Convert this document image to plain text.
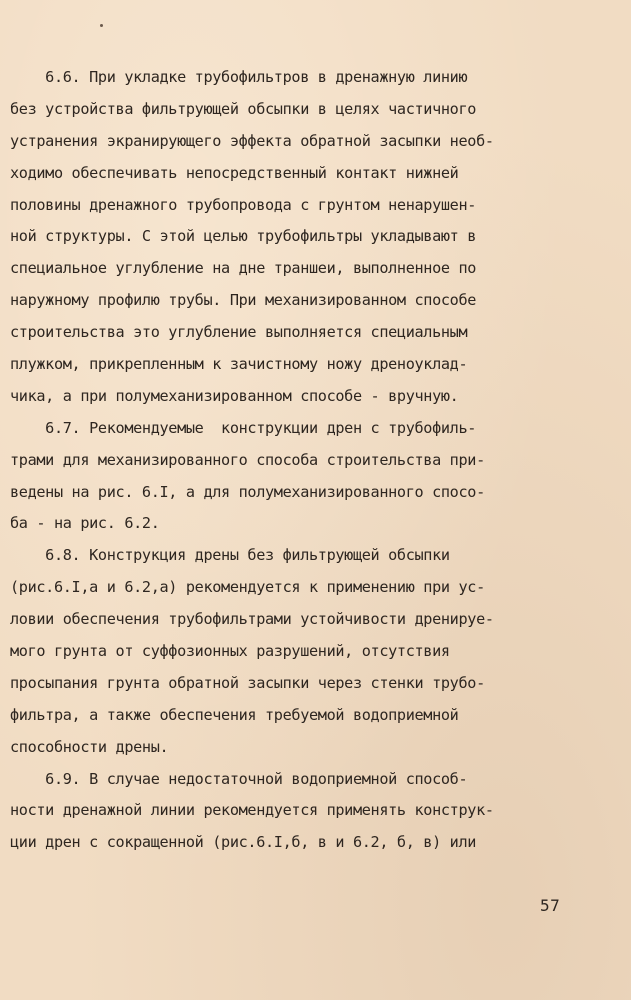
6.6. При укладке трубофильтров в дренажную линию
без устройства фильтрующей обсыпки в целях частичного
устранения экранирующего эффекта обратной засыпки необ-
ходимо обеспечивать непосредственный контакт нижней
половины дренажного трубопровода с грунтом ненарушен-
ной структуры. С этой целью трубофильтры укладывают в
специальное углубление на дне траншеи, выполненное по
наружному профилю трубы. При механизированном способе
строительства это углубление выполняется специальным
плужком, прикрепленным к зачистному ножу дреноуклад-
чика, а при полумеханизированном способе - вручную.
6.7. Рекомендуемые  конструкции дрен с трубофиль-
трами для механизированного способа строительства при-
ведены на рис. 6.I, а для полумеханизированного спосо-
ба - на рис. 6.2.
6.8. Конструкция дрены без фильтрующей обсыпки
(рис.6.I,а и 6.2,а) рекомендуется к применению при ус-
ловии обеспечения трубофильтрами устойчивости дренируе-
мого грунта от суффозионных разрушений, отсутствия
просыпания грунта обратной засыпки через стенки трубо-
фильтра, а также обеспечения требуемой водоприемной
способности дрены.
6.9. В случае недостаточной водоприемной способ-
ности дренажной линии рекомендуется применять конструк-
ции дрен с сокращенной (рис.6.I,б, в и 6.2, б, в) или
57
